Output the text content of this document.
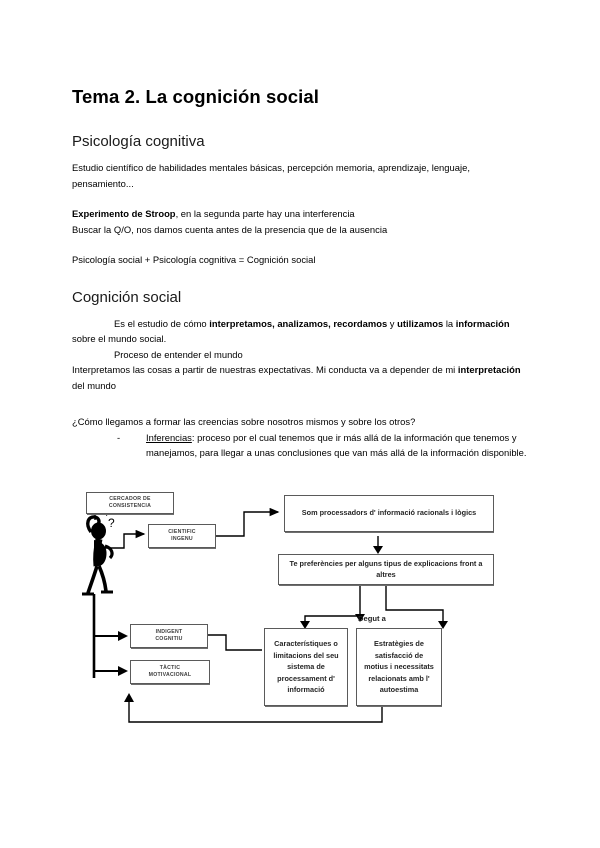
Tema 2. La cognición social
Psicología cognitiva

Estudio científico de habilidades mentales básicas, percepción memoria, aprendizaje, lenguaje, pensamiento...

Experimento de Stroop, en la segunda parte hay una interferencia

Buscar la Q/O, nos damos cuenta antes de la presencia que de la ausencia

Psicología social + Psicología cognitiva = Cognición social

Cognición social

Es el estudio de cómo interpretamos, analizamos, recordamos y utilizamos la información sobre el mundo social.

Proceso de entender el mundo

Interpretamos las cosas a partir de nuestras expectativas. Mi conducta va a depender de mi interpretación del mundo

¿Cómo llegamos a formar las creencias sobre nosotros mismos y sobre los otros?

-	Inferencias: proceso por el cual tenemos que ir más allá de la información que tenemos y manejamos, para llegar a unas conclusiones que van más allá de la información disponible.
?
CERCADOR DE
CONSISTENCIA
CIENTIFIC
INGENU
INDIGENT
COGNITIU
TÀCTIC
MOTIVACIONAL
Som processadors d' informació racionals i lògics
Te preferències per alguns tipus de explicacions front a altres
Característiques o limitacions del seu sistema de processament d' informació
Estratègies de satisfacció de motius i necessitats relacionats amb l' autoestima
Degut a
